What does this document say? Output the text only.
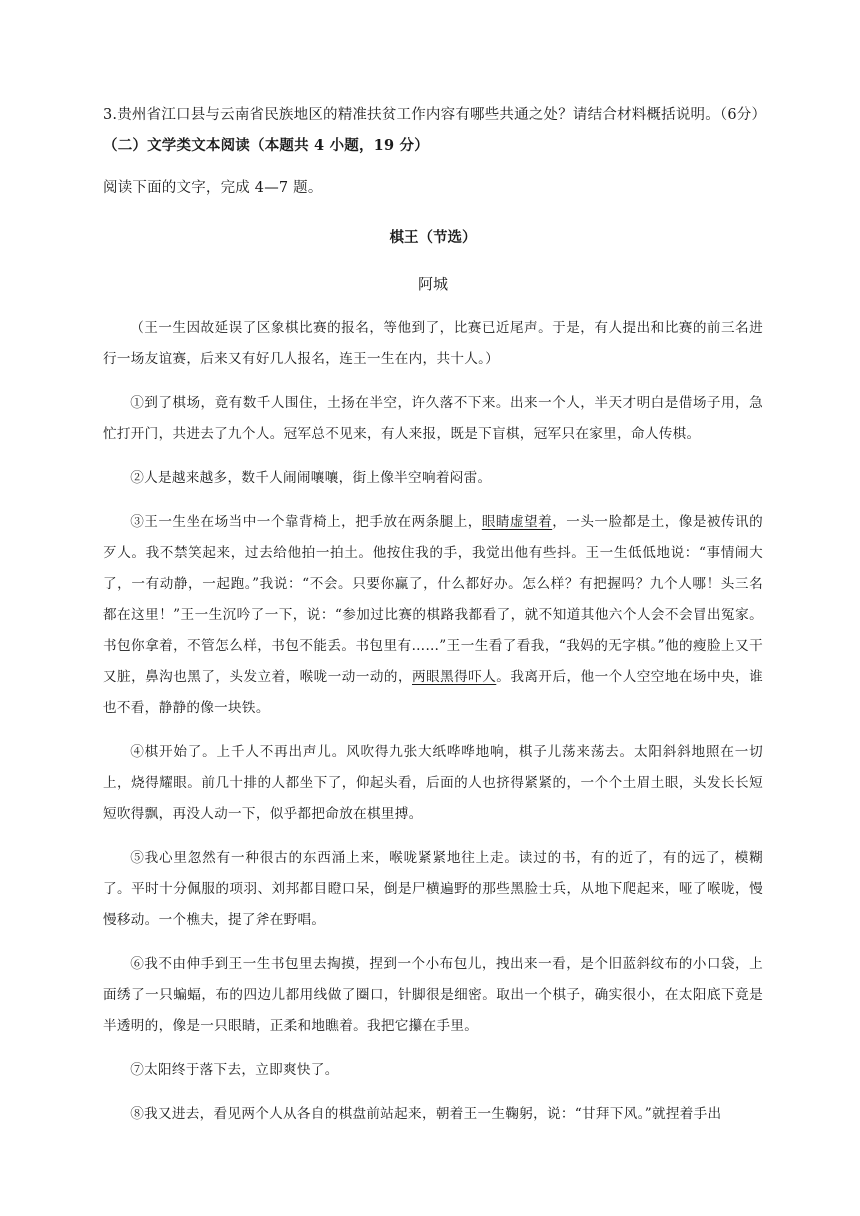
3.贵州省江口县与云南省民族地区的精准扶贫工作内容有哪些共通之处？请结合材料概括说明。（6分）

（二）文学类文本阅读（本题共 4 小题，19 分）

阅读下面的文字，完成 4—7 题。

棋王（节选）
阿城

（王一生因故延误了区象棋比赛的报名，等他到了，比赛已近尾声。于是，有人提出和比赛的前三名进行一场友谊赛，后来又有好几人报名，连王一生在内，共十人。）

①到了棋场，竟有数千人围住，土扬在半空，许久落不下来。出来一个人，半天才明白是借场子用，急忙打开门，共进去了九个人。冠军总不见来，有人来报，既是下盲棋，冠军只在家里，命人传棋。

②人是越来越多，数千人闹闹嚷嚷，街上像半空响着闷雷。

③王一生坐在场当中一个靠背椅上，把手放在两条腿上，眼睛虚望着，一头一脸都是土，像是被传讯的歹人。我不禁笑起来，过去给他拍一拍土。他按住我的手，我觉出他有些抖。王一生低低地说：“事情闹大了，一有动静，一起跑。”我说：“不会。只要你赢了，什么都好办。怎么样？有把握吗？九个人哪！头三名都在这里！”王一生沉吟了一下，说：“参加过比赛的棋路我都看了，就不知道其他六个人会不会冒出冤家。书包你拿着，不管怎么样，书包不能丢。书包里有……”王一生看了看我，“我妈的无字棋。”他的瘦脸上又干又脏，鼻沟也黑了，头发立着，喉咙一动一动的，两眼黑得吓人。我离开后，他一个人空空地在场中央，谁也不看，静静的像一块铁。

④棋开始了。上千人不再出声儿。风吹得九张大纸哗哗地响，棋子儿荡来荡去。太阳斜斜地照在一切上，烧得耀眼。前几十排的人都坐下了，仰起头看，后面的人也挤得紧紧的，一个个土眉土眼，头发长长短短吹得飘，再没人动一下，似乎都把命放在棋里搏。

⑤我心里忽然有一种很古的东西涌上来，喉咙紧紧地往上走。读过的书，有的近了，有的远了，模糊了。平时十分佩服的项羽、刘邦都目瞪口呆，倒是尸横遍野的那些黑脸士兵，从地下爬起来，哑了喉咙，慢慢移动。一个樵夫，提了斧在野唱。

⑥我不由伸手到王一生书包里去掏摸，捏到一个小布包儿，拽出来一看，是个旧蓝斜纹布的小口袋，上面绣了一只蝙蝠，布的四边儿都用线做了圈口，针脚很是细密。取出一个棋子，确实很小，在太阳底下竟是半透明的，像是一只眼睛，正柔和地瞧着。我把它攥在手里。

⑦太阳终于落下去，立即爽快了。

⑧我又进去，看见两个人从各自的棋盘前站起来，朝着王一生鞠躬，说：“甘拜下风。”就捏着手出
